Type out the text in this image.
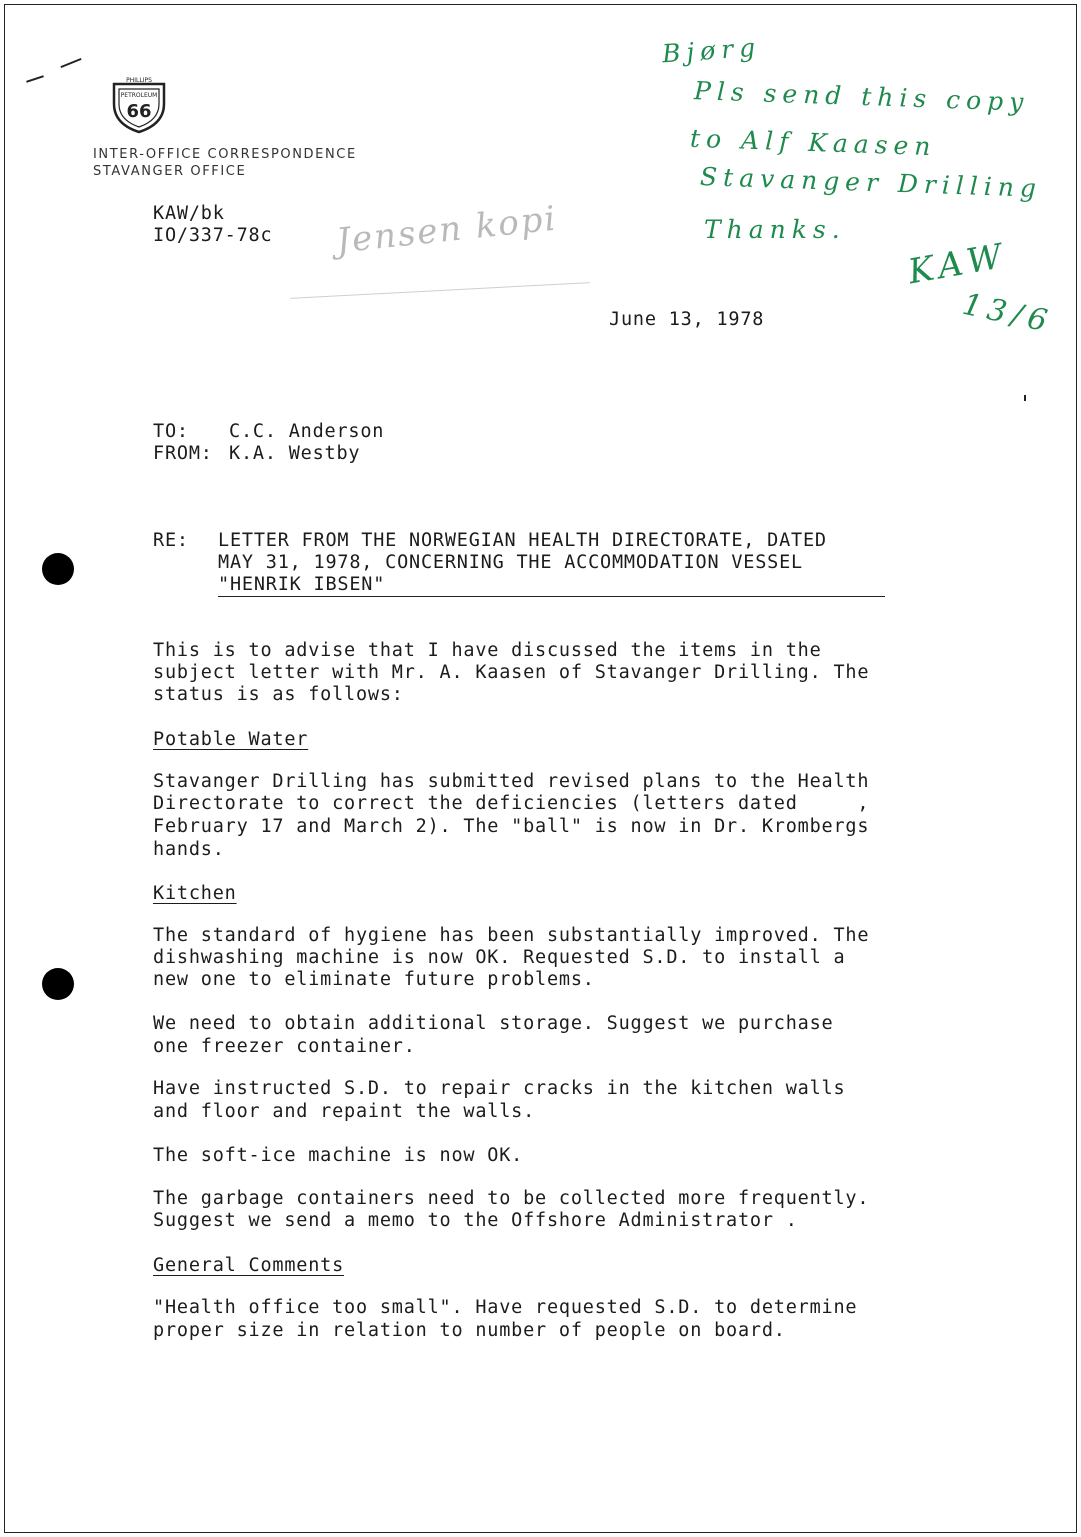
PHILLIPS
PETROLEUM
66
INTER-OFFICE CORRESPONDENCE
STAVANGER OFFICE
KAW/bk
IO/337-78c Jensen kopi
Bjørg
Pls send this copy
to Alf Kaasen
Stavanger Drilling
Thanks.
KAW
13/6
June 13, 1978
TO: C.C. Anderson
FROM: K.A. Westby
RE: LETTER FROM THE NORWEGIAN HEALTH DIRECTORATE, DATED
MAY 31, 1978, CONCERNING THE ACCOMMODATION VESSEL
"HENRIK IBSEN"
This is to advise that I have discussed the items in the
subject letter with Mr. A. Kaasen of Stavanger Drilling. The
status is as follows:
Potable Water
Stavanger Drilling has submitted revised plans to the Health
Directorate to correct the deficiencies (letters dated     ,
February 17 and March 2). The "ball" is now in Dr. Krombergs
hands.
Kitchen
The standard of hygiene has been substantially improved. The
dishwashing machine is now OK. Requested S.D. to install a
new one to eliminate future problems.
We need to obtain additional storage. Suggest we purchase
one freezer container.
Have instructed S.D. to repair cracks in the kitchen walls
and floor and repaint the walls.
The soft-ice machine is now OK.
The garbage containers need to be collected more frequently.
Suggest we send a memo to the Offshore Administrator .
General Comments
"Health office too small". Have requested S.D. to determine
proper size in relation to number of people on board.
